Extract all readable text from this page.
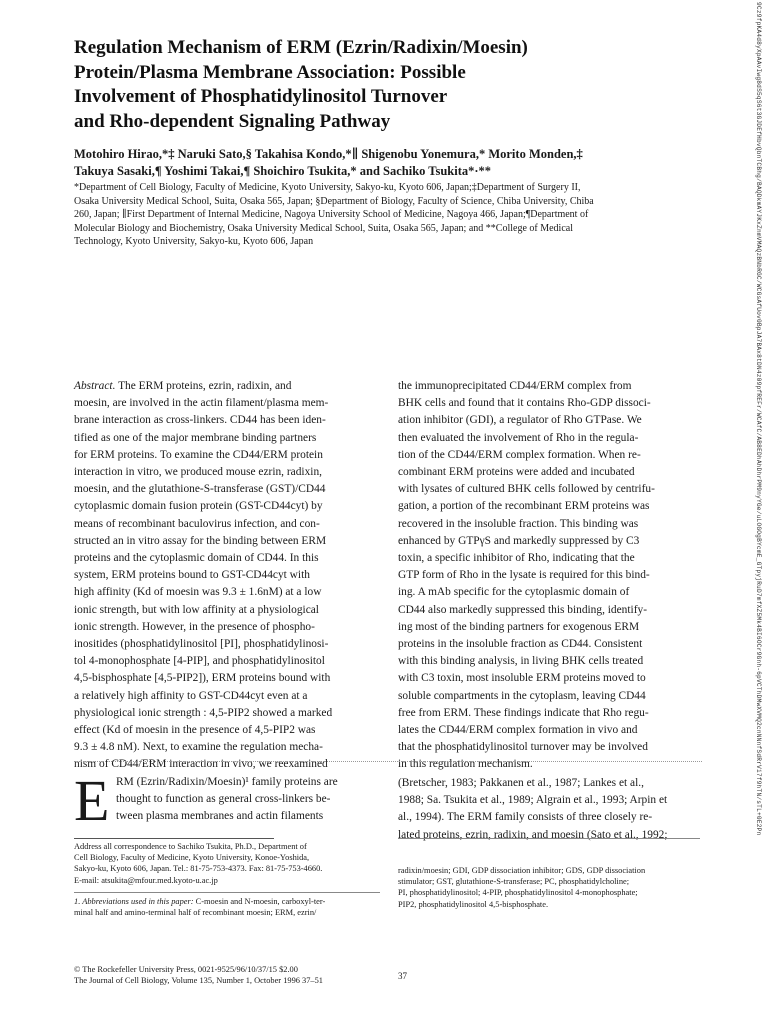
Regulation Mechanism of ERM (Ezrin/Radixin/Moesin)
Protein/Plasma Membrane Association: Possible
Involvement of Phosphatidylinositol Turnover
and Rho-dependent Signaling Pathway
Motohiro Hirao,*‡ Naruki Sato,§ Takahisa Kondo,*∥ Shigenobu Yonemura,* Morito Monden,‡
Takuya Sasaki,¶ Yoshimi Takai,¶ Shoichiro Tsukita,* and Sachiko Tsukita*·**
*Department of Cell Biology, Faculty of Medicine, Kyoto University, Sakyo-ku, Kyoto 606, Japan;‡Department of Surgery II,
Osaka University Medical School, Suita, Osaka 565, Japan; §Department of Biology, Faculty of Science, Chiba University, Chiba
260, Japan; ∥First Department of Internal Medicine, Nagoya University School of Medicine, Nagoya 466, Japan;¶Department of
Molecular Biology and Biochemistry, Osaka University Medical School, Suita, Osaka 565, Japan; and **College of Medical
Technology, Kyoto University, Sakyo-ku, Kyoto 606, Japan
Abstract. The ERM proteins, ezrin, radixin, and
moesin, are involved in the actin filament/plasma mem-
brane interaction as cross-linkers. CD44 has been iden-
tified as one of the major membrane binding partners
for ERM proteins. To examine the CD44/ERM protein
interaction in vitro, we produced mouse ezrin, radixin,
moesin, and the glutathione-S-transferase (GST)/CD44
cytoplasmic domain fusion protein (GST-CD44cyt) by
means of recombinant baculovirus infection, and con-
structed an in vitro assay for the binding between ERM
proteins and the cytoplasmic domain of CD44. In this
system, ERM proteins bound to GST-CD44cyt with
high affinity (Kd of moesin was 9.3 ± 1.6nM) at a low
ionic strength, but with low affinity at a physiological
ionic strength. However, in the presence of phospho-
inositides (phosphatidylinositol [PI], phosphatidylinosi-
tol 4-monophosphate [4-PIP], and phosphatidylinositol
4,5-bisphosphate [4,5-PIP2]), ERM proteins bound with
a relatively high affinity to GST-CD44cyt even at a
physiological ionic strength : 4,5-PIP2 showed a marked
effect (Kd of moesin in the presence of 4,5-PIP2 was
9.3 ± 4.8 nM). Next, to examine the regulation mecha-
nism of CD44/ERM interaction in vivo, we reexamined
the immunoprecipitated CD44/ERM complex from
BHK cells and found that it contains Rho-GDP dissoci-
ation inhibitor (GDI), a regulator of Rho GTPase. We
then evaluated the involvement of Rho in the regula-
tion of the CD44/ERM complex formation. When re-
combinant ERM proteins were added and incubated
with lysates of cultured BHK cells followed by centrifu-
gation, a portion of the recombinant ERM proteins was
recovered in the insoluble fraction. This binding was
enhanced by GTPγS and markedly suppressed by C3
toxin, a specific inhibitor of Rho, indicating that the
GTP form of Rho in the lysate is required for this bind-
ing. A mAb specific for the cytoplasmic domain of
CD44 also markedly suppressed this binding, identify-
ing most of the binding partners for exogenous ERM
proteins in the insoluble fraction as CD44. Consistent
with this binding analysis, in living BHK cells treated
with C3 toxin, most insoluble ERM proteins moved to
soluble compartments in the cytoplasm, leaving CD44
free from ERM. These findings indicate that Rho regu-
lates the CD44/ERM complex formation in vivo and
that the phosphatidylinositol turnover may be involved
in this regulation mechanism.
E RM (Ezrin/Radixin/Moesin)¹ family proteins are
thought to function as general cross-linkers be-
tween plasma membranes and actin filaments
(Bretscher, 1983; Pakkanen et al., 1987; Lankes et al.,
1988; Sa. Tsukita et al., 1989; Algrain et al., 1993; Arpin et
al., 1994). The ERM family consists of three closely re-
lated proteins, ezrin, radixin, and moesin (Sato et al., 1992;
Address all correspondence to Sachiko Tsukita, Ph.D., Department of
Cell Biology, Faculty of Medicine, Kyoto University, Konoe-Yoshida,
Sakyo-ku, Kyoto 606, Japan. Tel.: 81-75-753-4373. Fax: 81-75-753-4660.
E-mail: atsukita@mfour.med.kyoto-u.ac.jp
1. Abbreviations used in this paper: C-moesin and N-moesin, carboxyl-ter-
minal half and amino-terminal half of recombinant moesin; ERM, ezrin/
radixin/moesin; GDI, GDP dissociation inhibitor; GDS, GDP dissociation
stimulator; GST, glutathione-S-transferase; PC, phosphatidylcholine;
PI, phosphatidylinositol; 4-PIP, phosphatidylinositol 4-monophosphate;
PIP2, phosphatidylinositol 4,5-bisphosphate.
© The Rockefeller University Press, 0021-9525/96/10/37/15 $2.00
The Journal of Cell Biology, Volume 135, Number 1, October 1996 37–51	37
9Cz9fpKA4d8yXpAAvIwg8dS5qS6t3GJDEfHbvQbnTCBhg/BAQDkmAYJKxZnmVMAQzBNbRGC/WCGsAfUov0BpJA7BAx8tDN4z09pfREFr/WCAfC/AB8EDhAhDhrPM9nyYGe/uLOGOgBYcmE_GTpyjRuD7mfXZ5Mk4BI6OCr9Gnh-6pVCThDMwXVMQ2cnNNnfSdRrVi7f9hTN/sTL+0E2Pn
